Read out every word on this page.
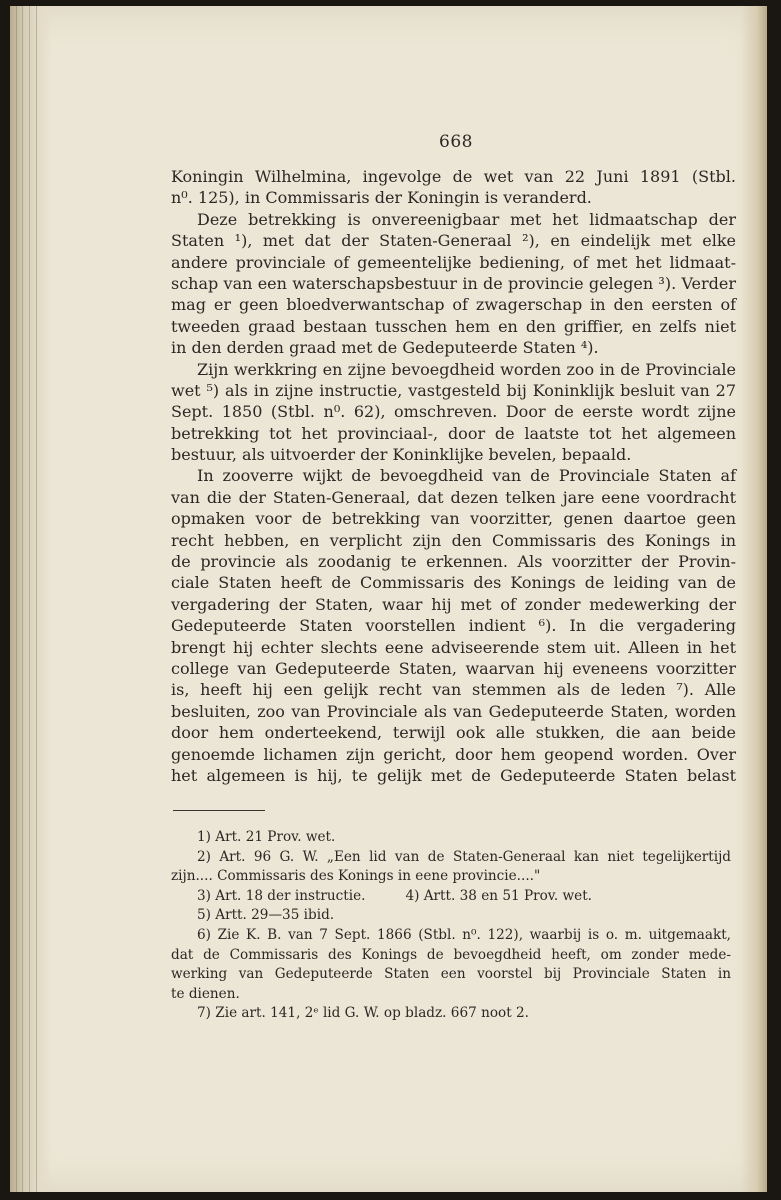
668
Koningin Wilhelmina, ingevolge de wet van 22 Juni 1891 (Stbl.
n⁰. 125), in Commissaris der Koningin is veranderd.
Deze betrekking is onvereenigbaar met het lidmaatschap der
Staten ¹), met dat der Staten-Generaal ²), en eindelijk met elke
andere provinciale of gemeentelijke bediening, of met het lidmaat-
schap van een waterschapsbestuur in de provincie gelegen ³). Verder
mag er geen bloedverwantschap of zwagerschap in den eersten of
tweeden graad bestaan tusschen hem en den griffier, en zelfs niet
in den derden graad met de Gedeputeerde Staten ⁴).
Zijn werkkring en zijne bevoegdheid worden zoo in de Provinciale
wet ⁵) als in zijne instructie, vastgesteld bij Koninklijk besluit van 27
Sept. 1850 (Stbl. n⁰. 62), omschreven. Door de eerste wordt zijne
betrekking tot het provinciaal-, door de laatste tot het algemeen
bestuur, als uitvoerder der Koninklijke bevelen, bepaald.
In zooverre wijkt de bevoegdheid van de Provinciale Staten af
van die der Staten-Generaal, dat dezen telken jare eene voordracht
opmaken voor de betrekking van voorzitter, genen daartoe geen
recht hebben, en verplicht zijn den Commissaris des Konings in
de provincie als zoodanig te erkennen. Als voorzitter der Provin-
ciale Staten heeft de Commissaris des Konings de leiding van de
vergadering der Staten, waar hij met of zonder medewerking der
Gedeputeerde Staten voorstellen indient ⁶). In die vergadering
brengt hij echter slechts eene adviseerende stem uit. Alleen in het
college van Gedeputeerde Staten, waarvan hij eveneens voorzitter
is, heeft hij een gelijk recht van stemmen als de leden ⁷). Alle
besluiten, zoo van Provinciale als van Gedeputeerde Staten, worden
door hem onderteekend, terwijl ook alle stukken, die aan beide
genoemde lichamen zijn gericht, door hem geopend worden. Over
het algemeen is hij, te gelijk met de Gedeputeerde Staten belast
1) Art. 21 Prov. wet.
2) Art. 96 G. W. „Een lid van de Staten-Generaal kan niet tegelijkertijd
zijn.... Commissaris des Konings in eene provincie...."
3) Art. 18 der instructie.	4) Artt. 38 en 51 Prov. wet.
5) Artt. 29—35 ibid.
6) Zie K. B. van 7 Sept. 1866 (Stbl. n⁰. 122), waarbij is o. m. uitgemaakt,
dat de Commissaris des Konings de bevoegdheid heeft, om zonder mede-
werking van Gedeputeerde Staten een voorstel bij Provinciale Staten in
te dienen.
7) Zie art. 141, 2ᵉ lid G. W. op bladz. 667 noot 2.
